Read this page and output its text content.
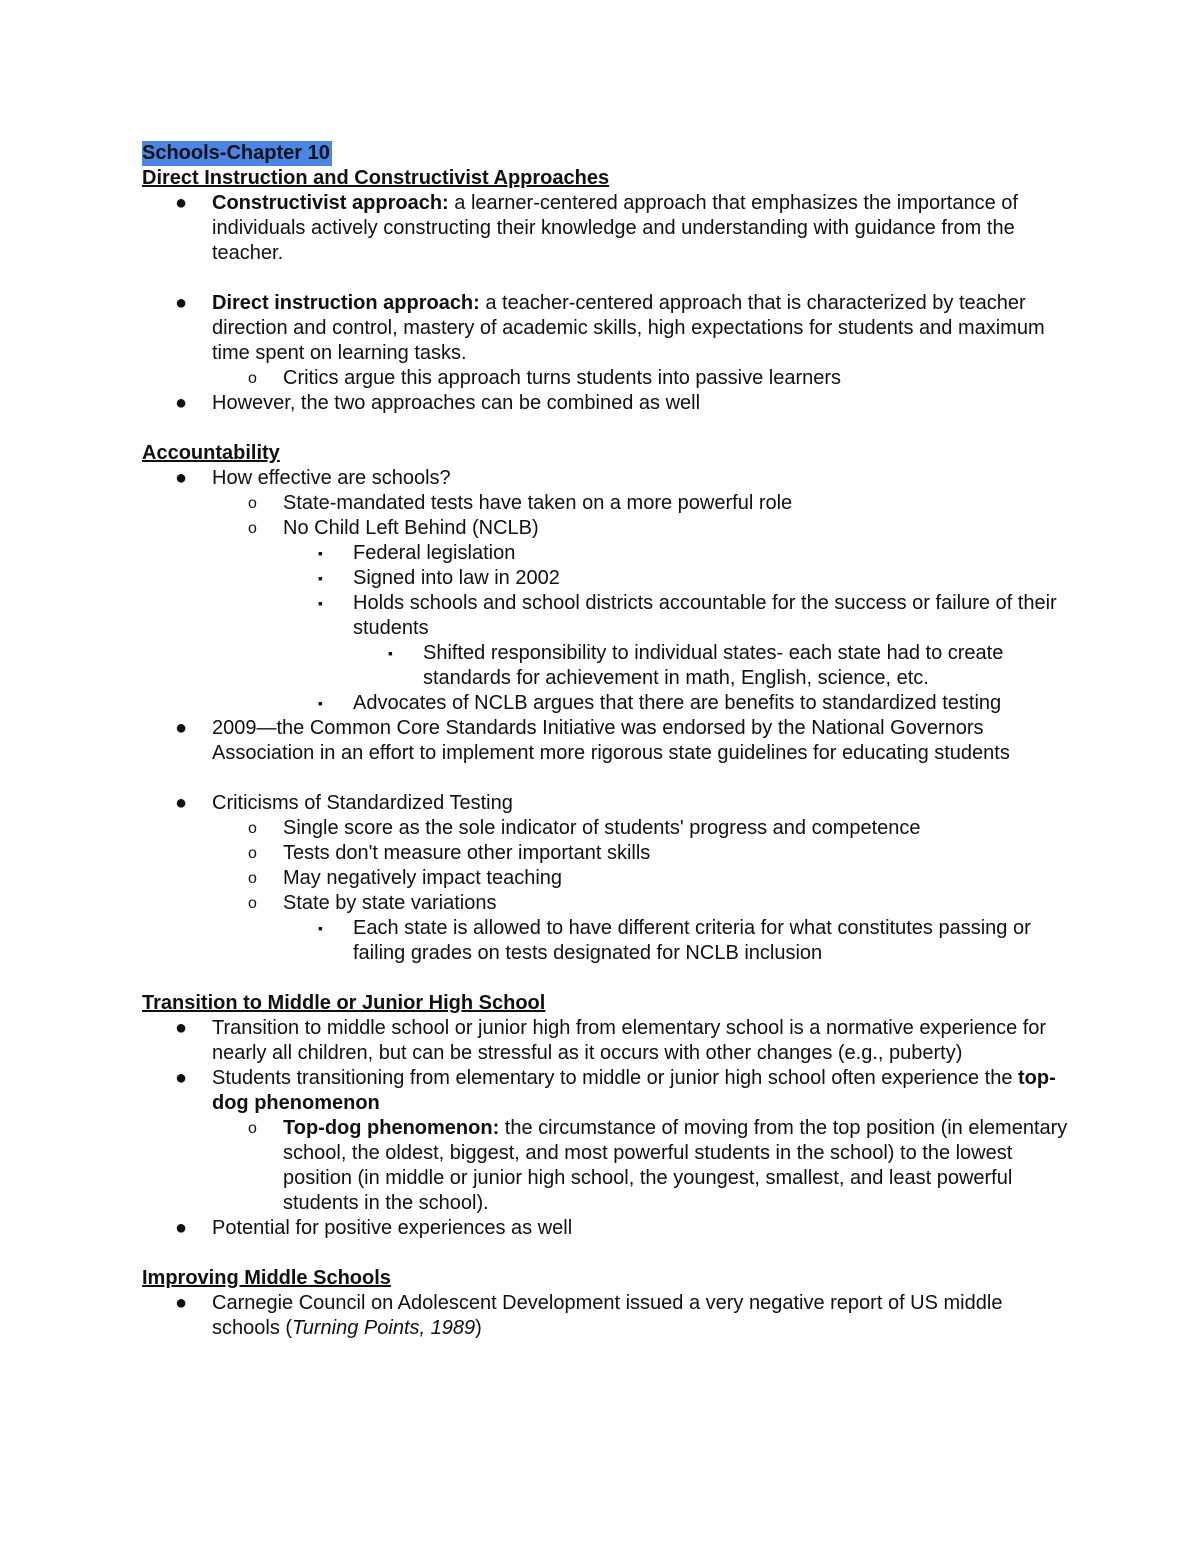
Schools-Chapter 10
Direct Instruction and Constructivist Approaches
● Constructivist approach: a learner-centered approach that emphasizes the importance of individuals actively constructing their knowledge and understanding with guidance from the teacher.
● Direct instruction approach: a teacher-centered approach that is characterized by teacher direction and control, mastery of academic skills, high expectations for students and maximum time spent on learning tasks.
o Critics argue this approach turns students into passive learners
● However, the two approaches can be combined as well
Accountability
● How effective are schools?
o State-mandated tests have taken on a more powerful role
o No Child Left Behind (NCLB)
▪ Federal legislation
▪ Signed into law in 2002
▪ Holds schools and school districts accountable for the success or failure of their students
▪ Shifted responsibility to individual states- each state had to create standards for achievement in math, English, science, etc.
▪ Advocates of NCLB argues that there are benefits to standardized testing
● 2009—the Common Core Standards Initiative was endorsed by the National Governors Association in an effort to implement more rigorous state guidelines for educating students
● Criticisms of Standardized Testing
o Single score as the sole indicator of students' progress and competence
o Tests don't measure other important skills
o May negatively impact teaching
o State by state variations
▪ Each state is allowed to have different criteria for what constitutes passing or failing grades on tests designated for NCLB inclusion
Transition to Middle or Junior High School
● Transition to middle school or junior high from elementary school is a normative experience for nearly all children, but can be stressful as it occurs with other changes (e.g., puberty)
● Students transitioning from elementary to middle or junior high school often experience the top-dog phenomenon
o Top-dog phenomenon: the circumstance of moving from the top position (in elementary school, the oldest, biggest, and most powerful students in the school) to the lowest position (in middle or junior high school, the youngest, smallest, and least powerful students in the school).
● Potential for positive experiences as well
Improving Middle Schools
● Carnegie Council on Adolescent Development issued a very negative report of US middle schools (Turning Points, 1989)
